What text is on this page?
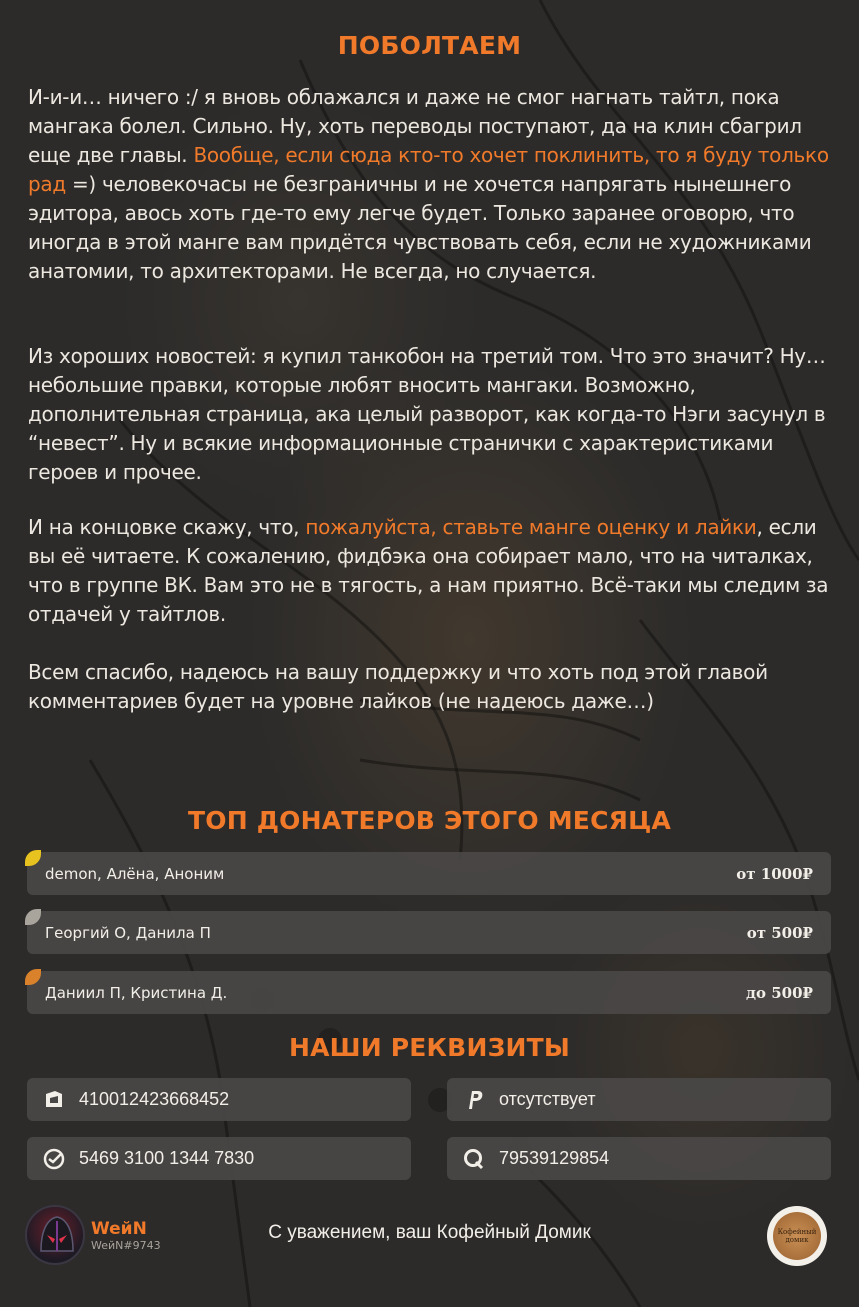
ПОБОЛТАЕМ
И-и-и… ничего :/ я вновь облажался и даже не смог нагнать тайтл, пока мангака болел. Сильно. Ну, хоть переводы поступают, да на клин сбагрил еще две главы. Вообще, если сюда кто-то хочет поклинить, то я буду только рад =) человекочасы не безграничны и не хочется напрягать нынешнего эдитора, авось хоть где-то ему легче будет. Только заранее оговорю, что иногда в этой манге вам придётся чувствовать себя, если не художниками анатомии, то архитекторами. Не всегда, но случается.
Из хороших новостей: я купил танкобон на третий том. Что это значит? Ну… небольшие правки, которые любят вносить мангаки. Возможно, дополнительная страница, ака целый разворот, как когда-то Нэги засунул в “невест”. Ну и всякие информационные странички с характеристиками героев и прочее.
И на концовке скажу, что, пожалуйста, ставьте манге оценку и лайки, если вы её читаете. К сожалению, фидбэка она собирает мало, что на читалках, что в группе ВК. Вам это не в тягость, а нам приятно. Всё-таки мы следим за отдачей у тайтлов.
Всем спасибо, надеюсь на вашу поддержку и что хоть под этой главой комментариев будет на уровне лайков (не надеюсь даже…)
ТОП ДОНАТЕРОВ ЭТОГО МЕСЯЦА
demon, Алёна, Аноним	от 1000₽
Георгий О, Данила П	от 500₽
Даниил П, Кристина Д.	до 500₽
НАШИ РЕКВИЗИТЫ
410012423668452	отсутствует
5469 3100 1344 7830	79539129854
WeйN
WeйN#9743
С уважением, ваш Кофейный Домик	Кофейный домик
